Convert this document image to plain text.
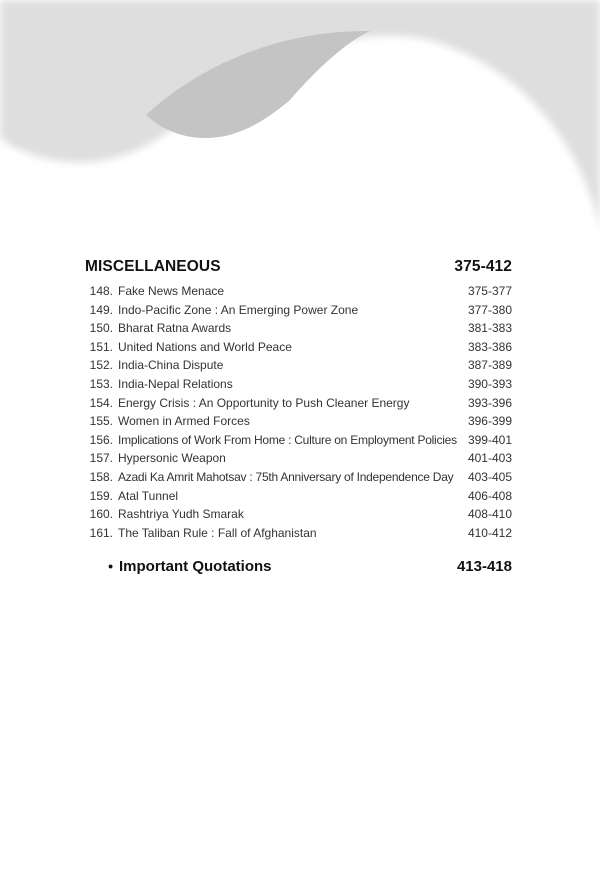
MISCELLANEOUS	375-412
148. Fake News Menace	375-377
149. Indo-Pacific Zone : An Emerging Power Zone	377-380
150. Bharat Ratna Awards	381-383
151. United Nations and World Peace	383-386
152. India-China Dispute	387-389
153. India-Nepal Relations	390-393
154. Energy Crisis : An Opportunity to Push Cleaner Energy	393-396
155. Women in Armed Forces	396-399
156. Implications of Work From Home : Culture on Employment Policies 399-401
157. Hypersonic Weapon	401-403
158. Azadi Ka Amrit Mahotsav : 75th Anniversary of Independence Day	403-405
159. Atal Tunnel	406-408
160. Rashtriya Yudh Smarak	408-410
161. The Taliban Rule : Fall of Afghanistan	410-412
• Important Quotations	413-418
